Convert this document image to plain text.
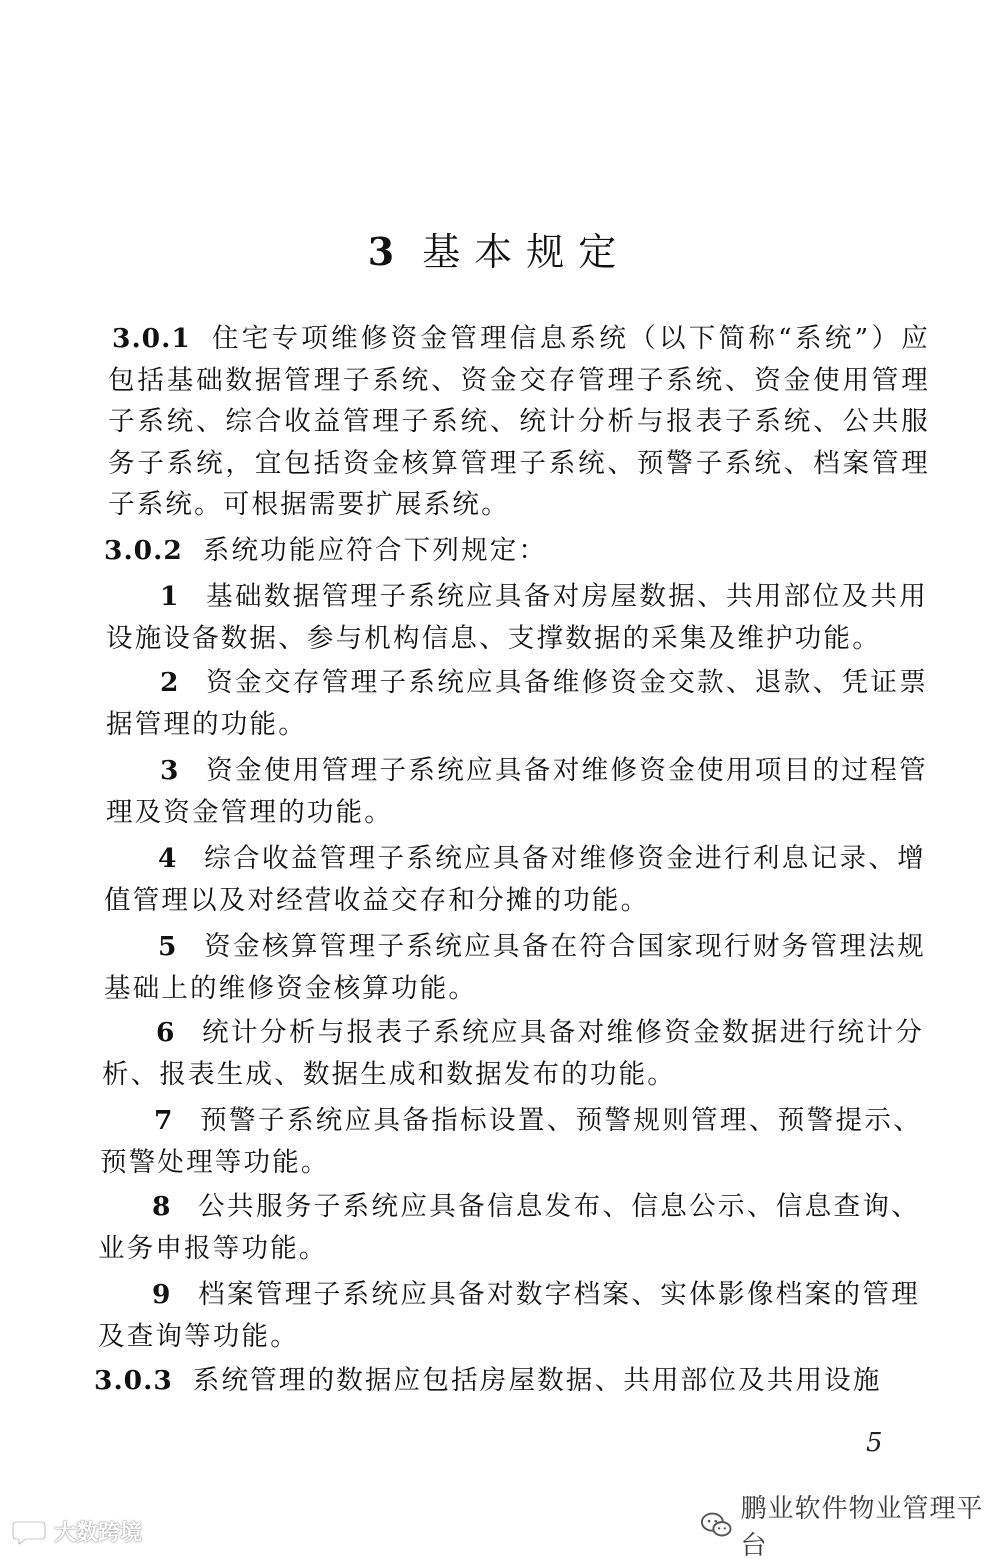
3 基本规定
3.0.1 住宅专项维修资金管理信息系统（以下简称“系统”）应包括基础数据管理子系统、资金交存管理子系统、资金使用管理子系统、综合收益管理子系统、统计分析与报表子系统、公共服务子系统，宜包括资金核算管理子系统、预警子系统、档案管理子系统。可根据需要扩展系统。
3.0.2 系统功能应符合下列规定：
1 基础数据管理子系统应具备对房屋数据、共用部位及共用设施设备数据、参与机构信息、支撑数据的采集及维护功能。
2 资金交存管理子系统应具备维修资金交款、退款、凭证票据管理的功能。
3 资金使用管理子系统应具备对维修资金使用项目的过程管理及资金管理的功能。
4 综合收益管理子系统应具备对维修资金进行利息记录、增值管理以及对经营收益交存和分摊的功能。
5 资金核算管理子系统应具备在符合国家现行财务管理法规基础上的维修资金核算功能。
6 统计分析与报表子系统应具备对维修资金数据进行统计分析、报表生成、数据生成和数据发布的功能。
7 预警子系统应具备指标设置、预警规则管理、预警提示、预警处理等功能。
8 公共服务子系统应具备信息发布、信息公示、信息查询、业务申报等功能。
9 档案管理子系统应具备对数字档案、实体影像档案的管理及查询等功能。
3.0.3 系统管理的数据应包括房屋数据、共用部位及共用设施
5
鹏业软件物业管理平台
大数跨境
